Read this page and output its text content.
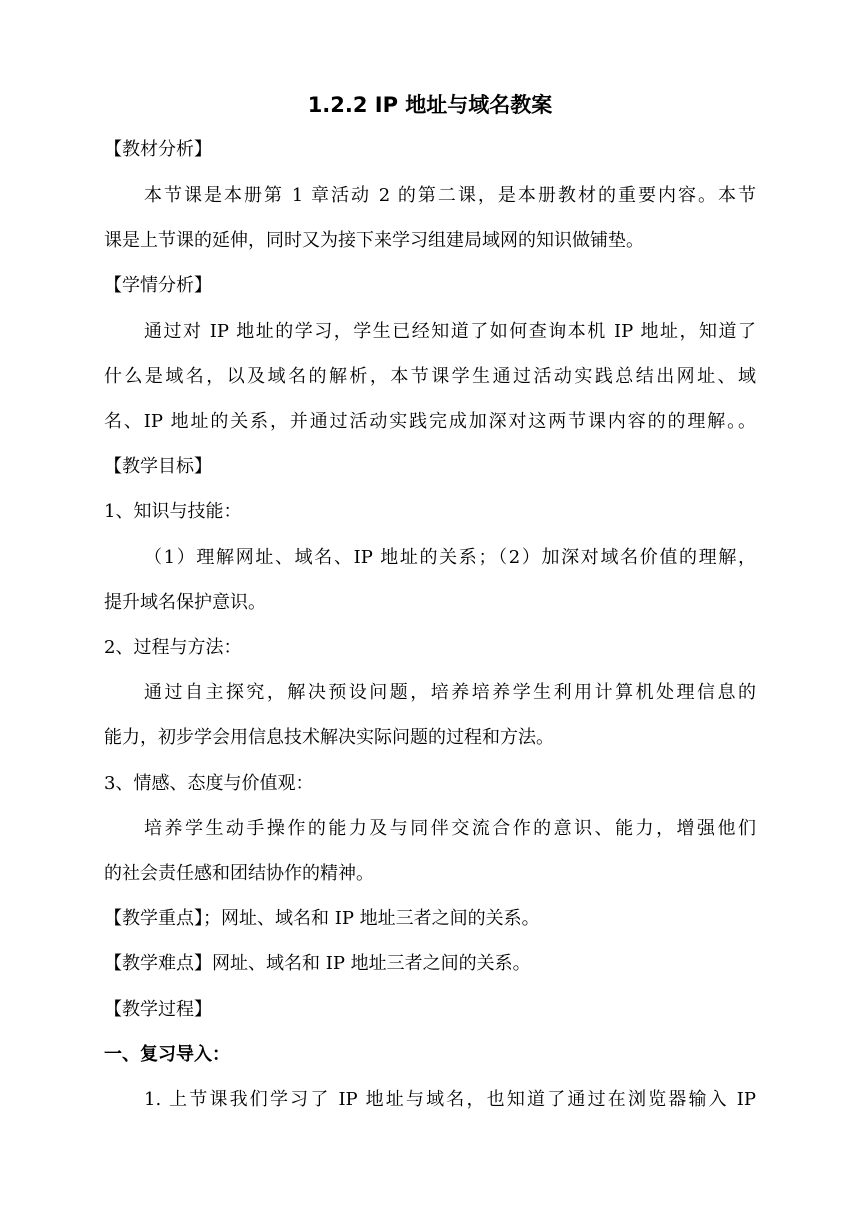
1.2.2 IP 地址与域名教案
【教材分析】
本节课是本册第 1 章活动 2 的第二课，是本册教材的重要内容。本节
课是上节课的延伸，同时又为接下来学习组建局域网的知识做铺垫。
【学情分析】
通过对 IP 地址的学习，学生已经知道了如何查询本机 IP 地址，知道了
什么是域名，以及域名的解析，本节课学生通过活动实践总结出网址、域
名、IP 地址的关系，并通过活动实践完成加深对这两节课内容的的理解。。
【教学目标】
1、知识与技能：
（1）理解网址、域名、IP 地址的关系；（2）加深对域名价值的理解，
提升域名保护意识。
2、过程与方法：
通过自主探究，解决预设问题，培养培养学生利用计算机处理信息的
能力，初步学会用信息技术解决实际问题的过程和方法。
3、情感、态度与价值观：
培养学生动手操作的能力及与同伴交流合作的意识、能力，增强他们
的社会责任感和团结协作的精神。
【教学重点】；网址、域名和 IP 地址三者之间的关系。
【教学难点】网址、域名和 IP 地址三者之间的关系。
【教学过程】
一、复习导入：
1. 上节课我们学习了 IP 地址与域名，也知道了通过在浏览器输入 IP
